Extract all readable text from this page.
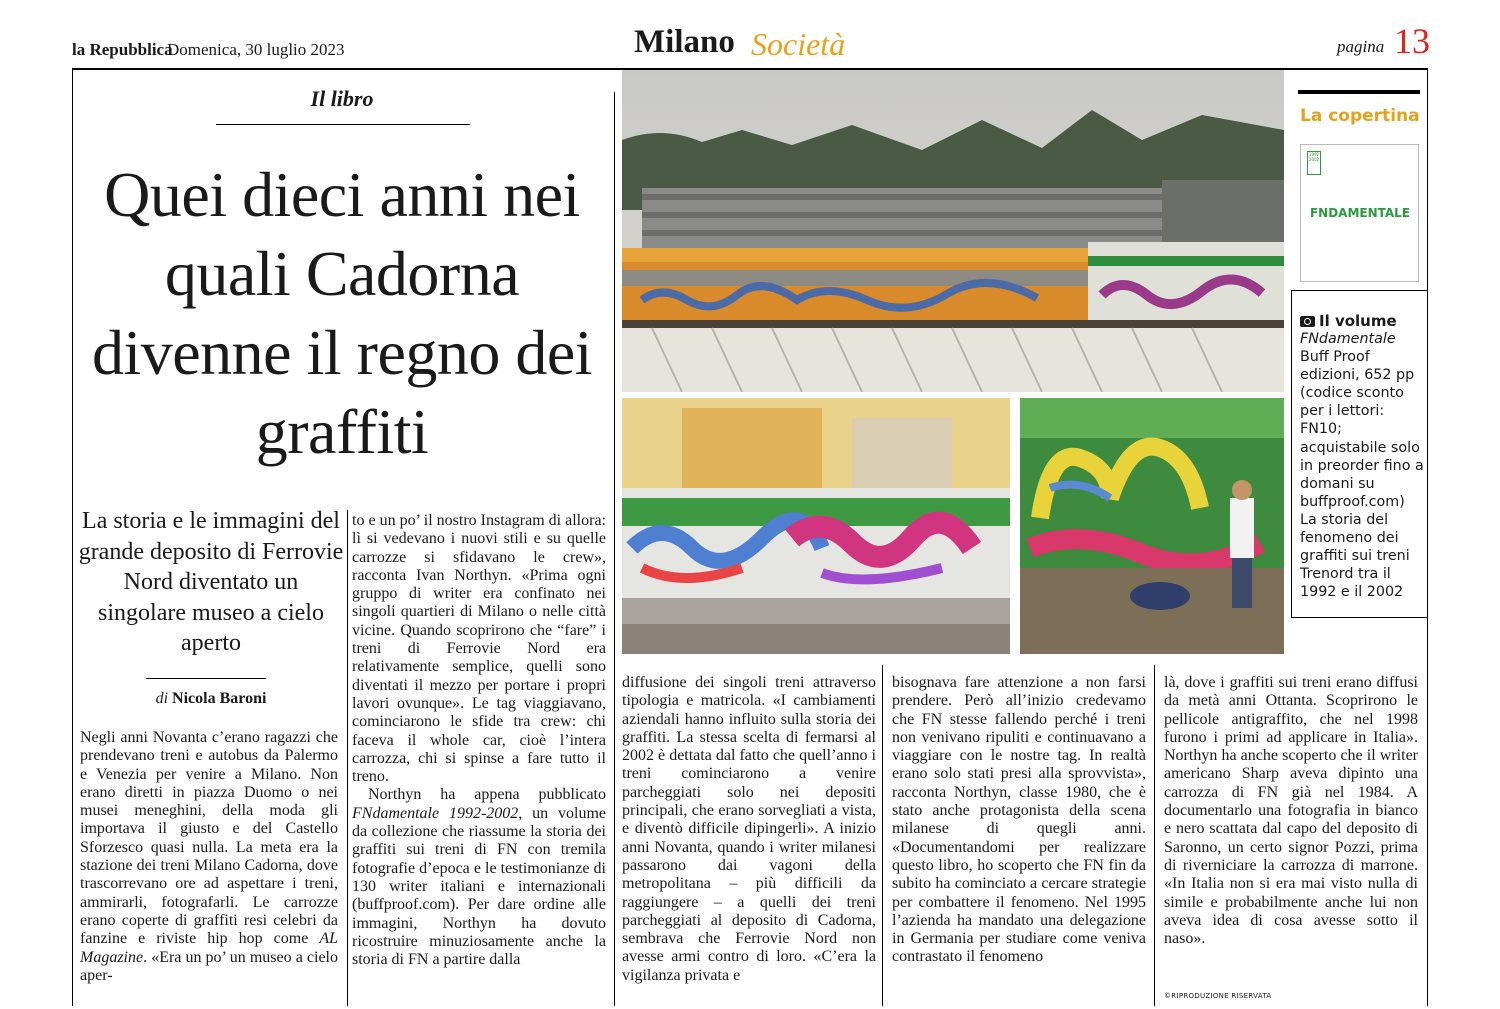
la Repubblica
Domenica, 30 luglio 2023	Milano Società	pagina 13
Il libro
Quei dieci anni nei quali Cadorna divenne il regno dei graffiti
La storia e le immagini del grande deposito di Ferrovie Nord diventato un singolare museo a cielo aperto
di Nicola Baroni

Negli anni Novanta c’erano ragazzi che prendevano treni e autobus da Palermo e Venezia per venire a Milano. Non erano diretti in piazza Duomo o nei musei meneghini, della moda gli importava il giusto e del Castello Sforzesco quasi nulla. La meta era la stazione dei treni Milano Cadorna, dove trascorrevano ore ad aspettare i treni, ammirarli, fotografarli. Le carrozze erano coperte di graffiti resi celebri da fanzine e riviste hip hop come AL Magazine. «Era un po’ un museo a cielo aper-

to e un po’ il nostro Instagram di allora: lì si vedevano i nuovi stili e su quelle carrozze si sfidavano le crew», racconta Ivan Northyn. «Prima ogni gruppo di writer era confinato nei singoli quartieri di Milano o nelle città vicine. Quando scoprirono che “fare” i treni di Ferrovie Nord era relativamente semplice, quelli sono diventati il mezzo per portare i propri lavori ovunque». Le tag viaggiavano, cominciarono le sfide tra crew: chi faceva il whole car, cioè l’intera carrozza, chi si spinse a fare tutto il treno.

Northyn ha appena pubblicato FNdamentale 1992-2002, un volume da collezione che riassume la storia dei graffiti sui treni di FN con tremila fotografie d’epoca e le testimonianze di 130 writer italiani e internazionali (buffproof.com). Per dare ordine alle immagini, Northyn ha dovuto ricostruire minuziosamente anche la storia di FN a partire dalla

diffusione dei singoli treni attraverso tipologia e matricola. «I cambiamenti aziendali hanno influito sulla storia dei graffiti. La stessa scelta di fermarsi al 2002 è dettata dal fatto che quell’anno i treni cominciarono a venire parcheggiati solo nei depositi principali, che erano sorvegliati a vista, e diventò difficile dipingerli». A inizio anni Novanta, quando i writer milanesi passarono dai vagoni della metropolitana – più difficili da raggiungere – a quelli dei treni parcheggiati al deposito di Cadorna, sembrava che Ferrovie Nord non avesse armi contro di loro. «C’era la vigilanza privata e

bisognava fare attenzione a non farsi prendere. Però all’inizio credevamo che FN stesse fallendo perché i treni non venivano ripuliti e continuavano a viaggiare con le nostre tag. In realtà erano solo stati presi alla sprovvista», racconta Northyn, classe 1980, che è stato anche protagonista della scena milanese di quegli anni. «Documentandomi per realizzare questo libro, ho scoperto che FN fin da subito ha cominciato a cercare strategie per combattere il fenomeno. Nel 1995 l’azienda ha mandato una delegazione in Germania per studiare come veniva contrastato il fenomeno

là, dove i graffiti sui treni erano diffusi da metà anni Ottanta. Scoprirono le pellicole antigraffito, che nel 1998 furono i primi ad applicare in Italia». Northyn ha anche scoperto che il writer americano Sharp aveva dipinto una carrozza di FN già nel 1984. A documentarlo una fotografia in bianco e nero scattata dal capo del deposito di Saronno, un certo signor Pozzi, prima di riverniciare la carrozza di marrone. «In Italia non si era mai visto nulla di simile e probabilmente anche lui non aveva idea di cosa avesse sotto il naso».

©RIPRODUZIONE RISERVATA
La copertina
1992 2002
FNDAMENTALE
Il volume
FNdamentale
Buff Proof edizioni, 652 pp (codice sconto per i lettori: FN10; acquistabile solo in preorder fino a domani su buffproof.com) La storia del fenomeno dei graffiti sui treni Trenord tra il 1992 e il 2002
